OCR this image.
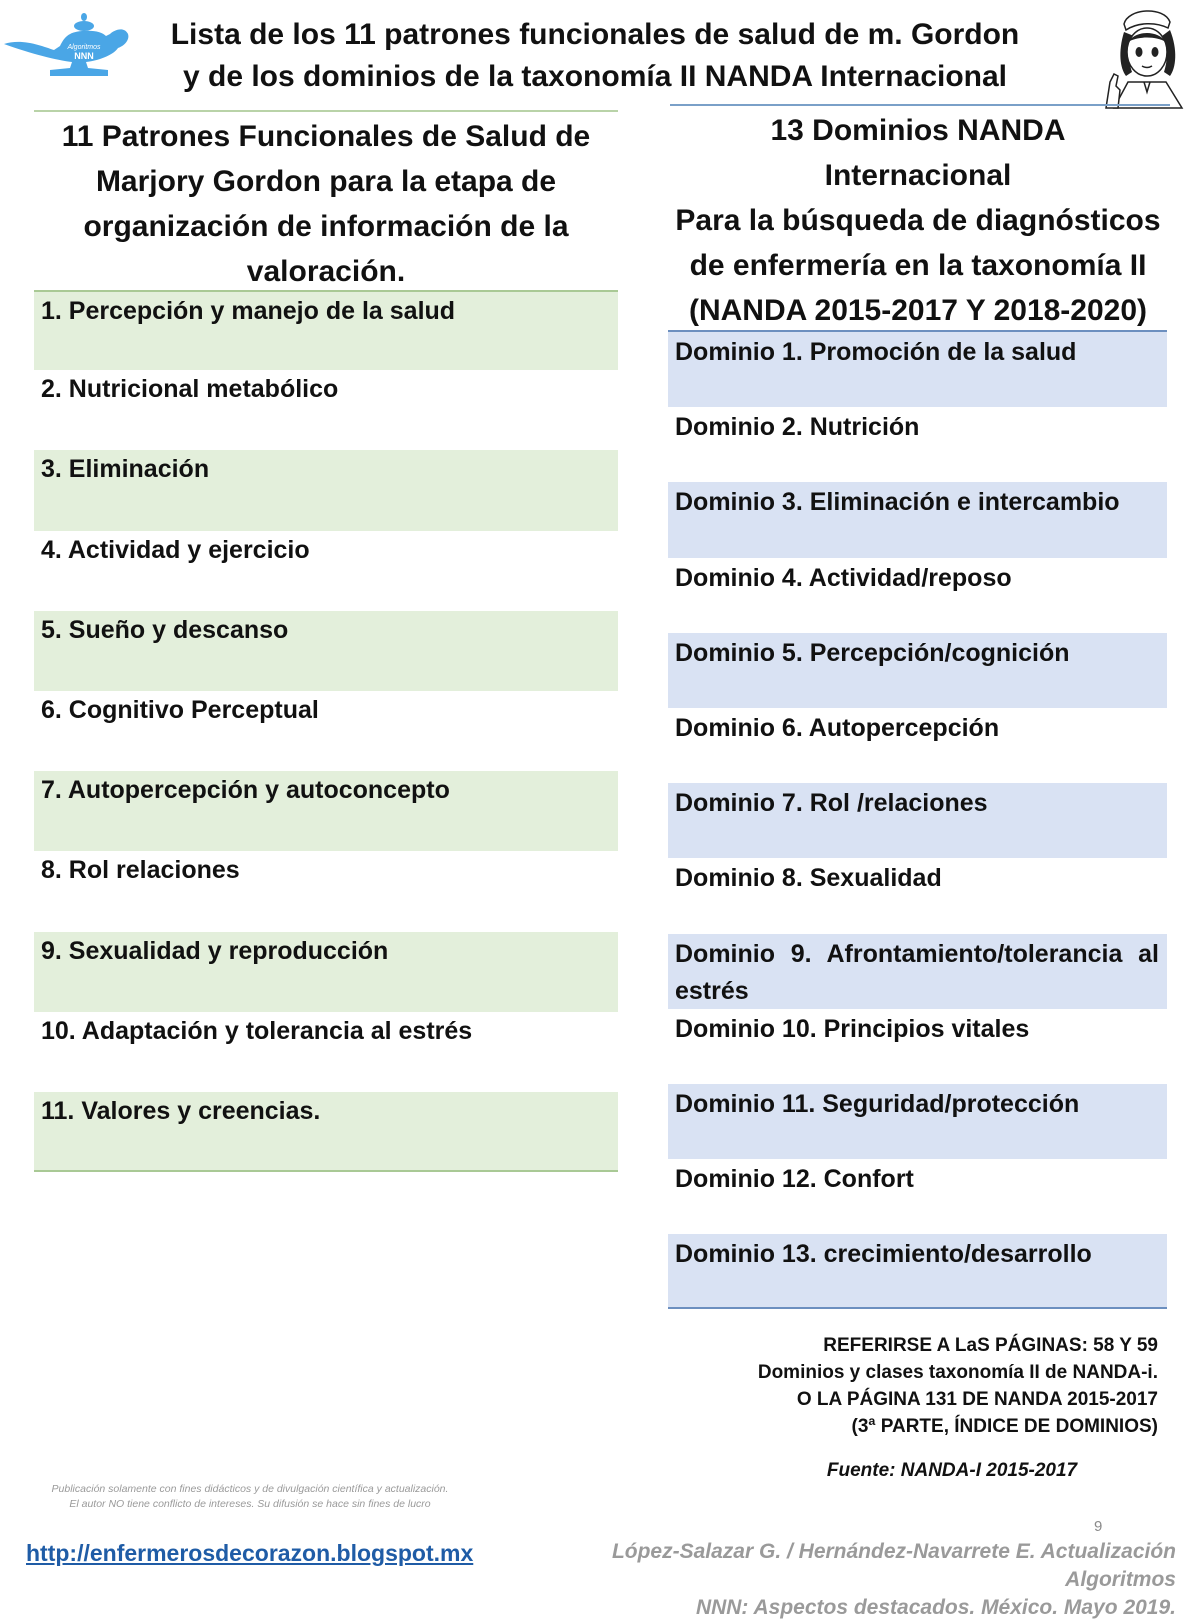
Algoritmos
NNN
Lista de los 11 patrones funcionales de salud de m. Gordon
y de los dominios de la taxonomía II NANDA Internacional
11 Patrones Funcionales de Salud de Marjory Gordon para la etapa de organización de información de la valoración.
1. Percepción y manejo de la salud
2. Nutricional metabólico
3. Eliminación
4. Actividad y ejercicio
5. Sueño y descanso
6. Cognitivo Perceptual
7. Autopercepción y autoconcepto
8. Rol relaciones
9. Sexualidad y reproducción
10. Adaptación y tolerancia al estrés
11. Valores y creencias.
13 Dominios NANDA
Internacional
Para la búsqueda de diagnósticos
de enfermería en la taxonomía II
(NANDA 2015-2017 Y 2018-2020)
Dominio 1. Promoción de la salud
Dominio 2. Nutrición
Dominio 3. Eliminación e intercambio
Dominio 4. Actividad/reposo
Dominio 5. Percepción/cognición
Dominio 6. Autopercepción
Dominio 7. Rol /relaciones
Dominio 8. Sexualidad
Dominio 9. Afrontamiento/tolerancia al estrés
Dominio 10. Principios vitales
Dominio 11. Seguridad/protección
Dominio 12. Confort
Dominio 13. crecimiento/desarrollo
REFERIRSE A LaS PÁGINAS: 58 Y 59
Dominios y clases taxonomía II de NANDA-i.
O LA PÁGINA 131 DE NANDA 2015-2017
(3ª PARTE, ÍNDICE DE DOMINIOS)
Fuente: NANDA-I 2015-2017
Publicación solamente con fines didácticos y de divulgación científica y actualización.
El autor NO tiene conflicto de intereses. Su difusión se hace sin fines de lucro
9
http://enfermerosdecorazon.blogspot.mx	López-Salazar G. / Hernández-Navarrete E. Actualización Algoritmos
NNN: Aspectos destacados. México. Mayo 2019.
